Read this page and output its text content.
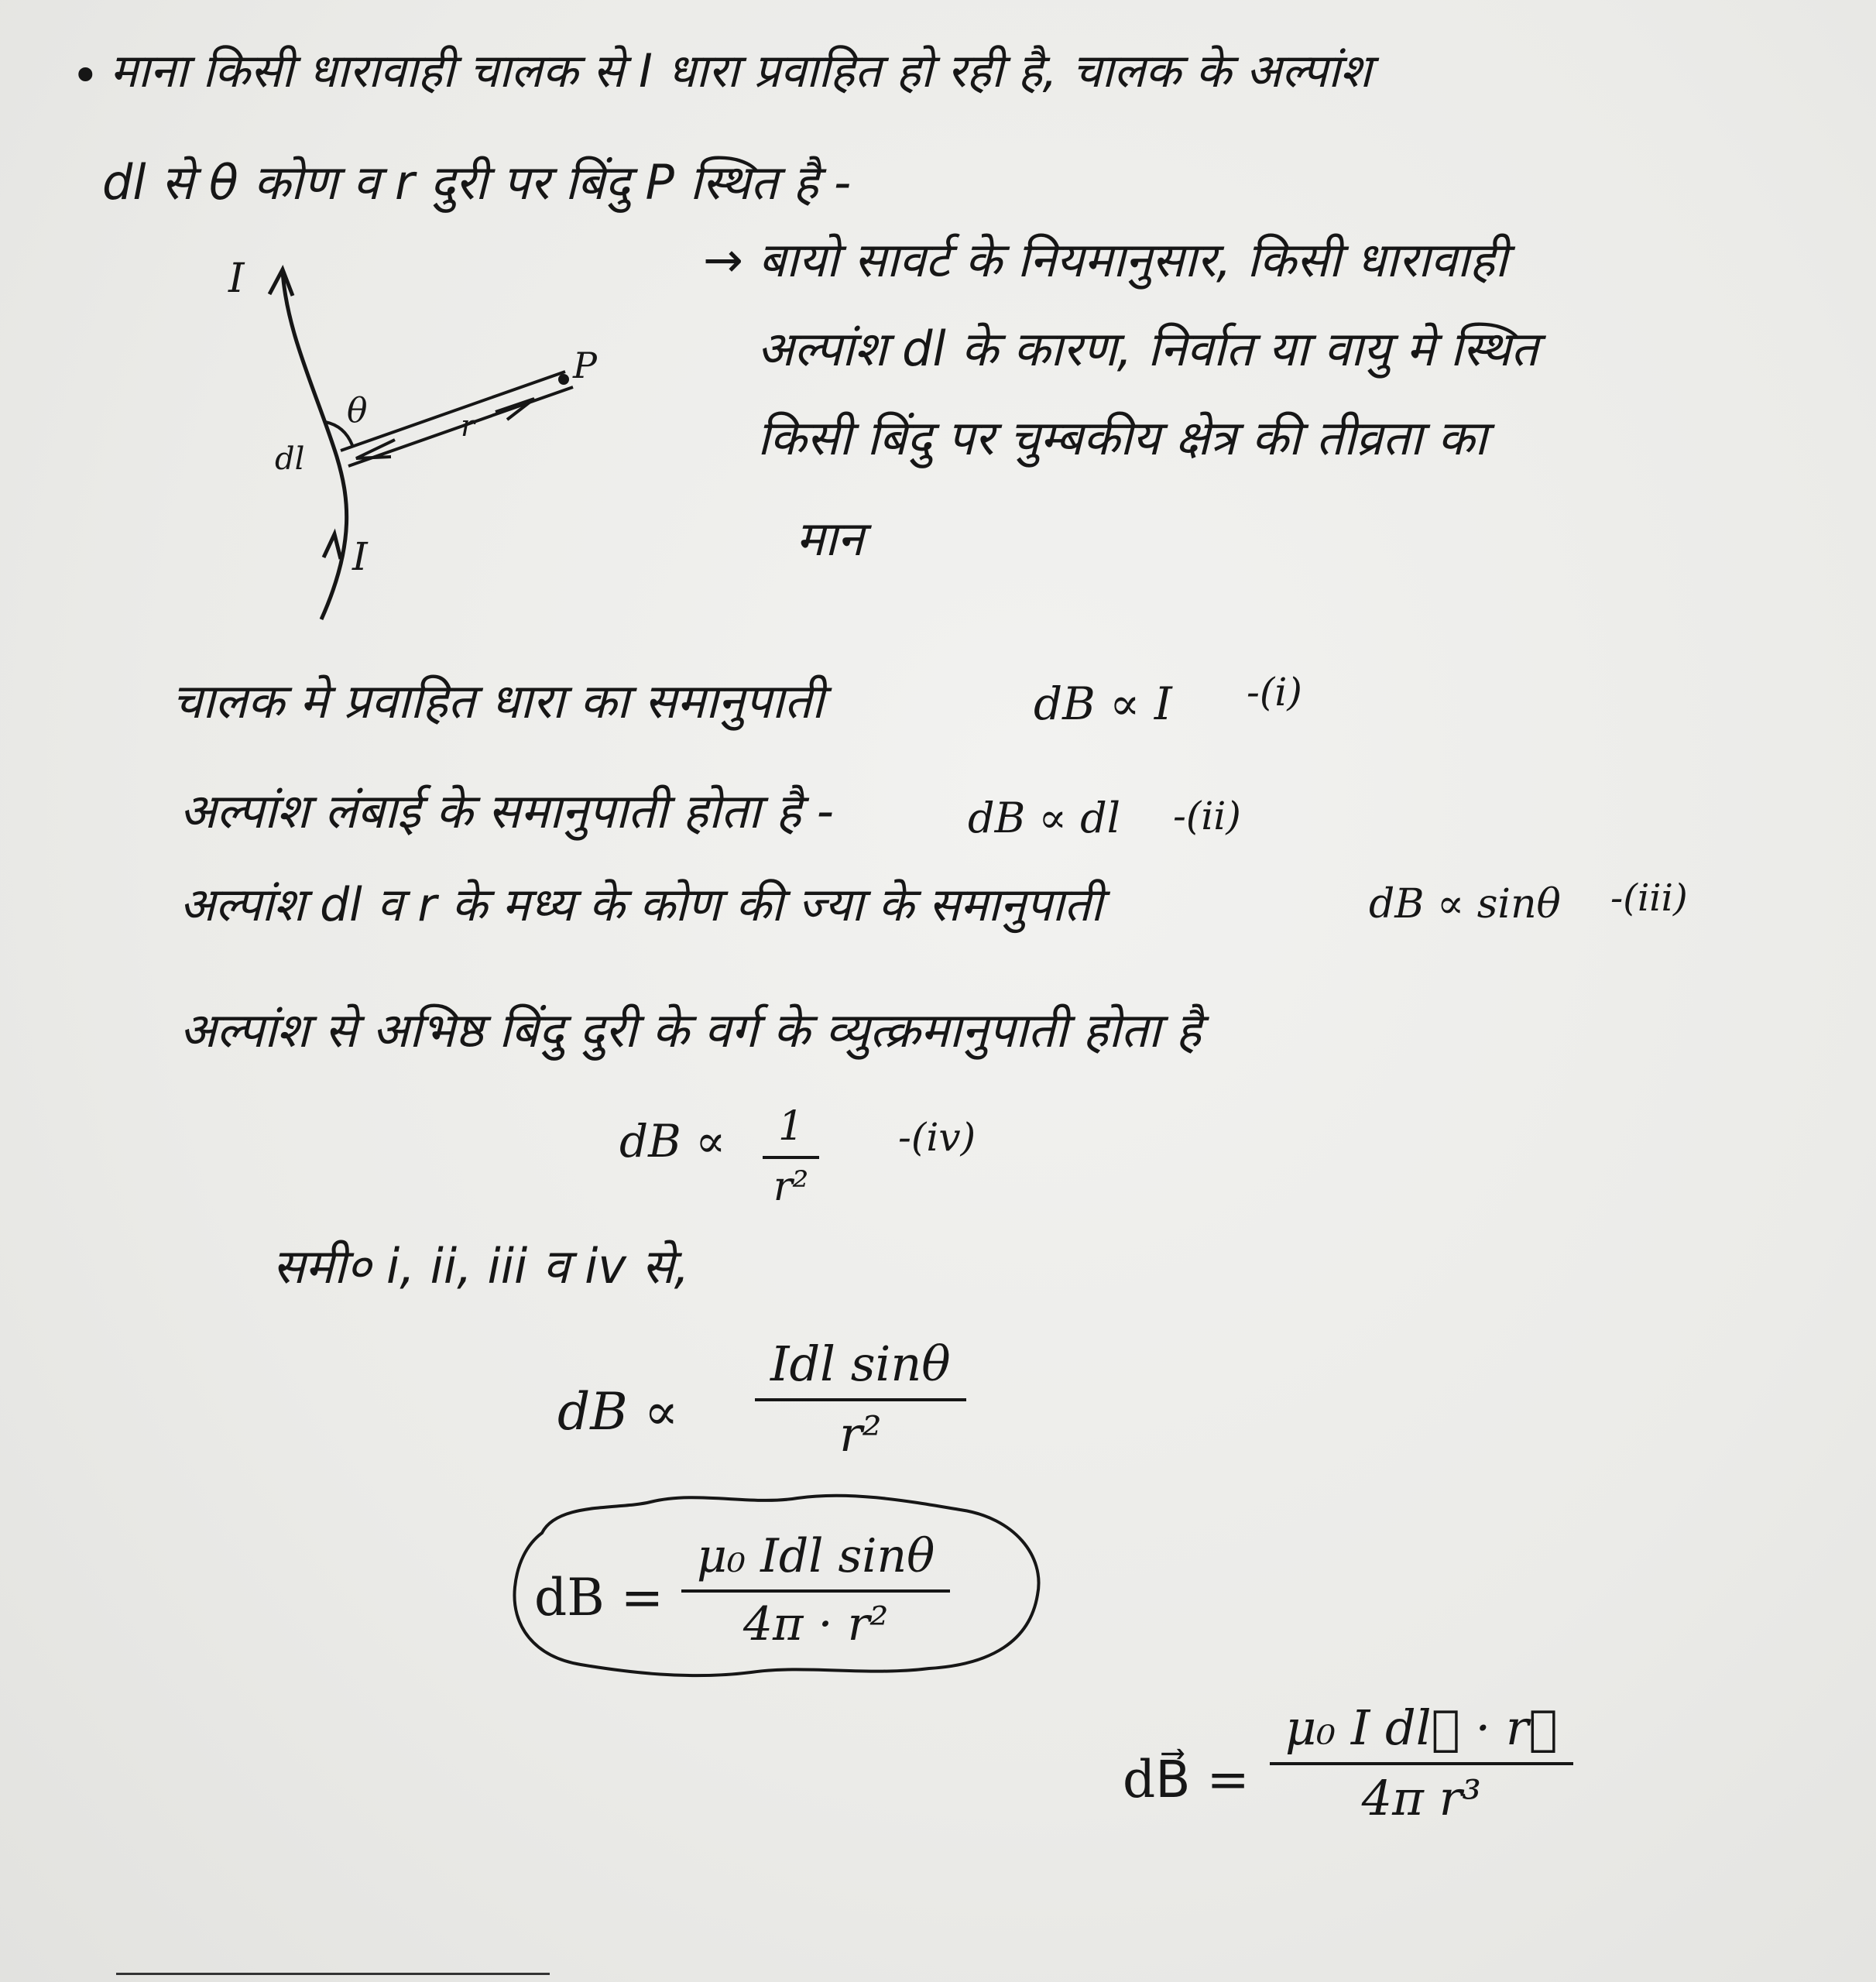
• माना किसी धारावाही चालक से I धारा प्रवाहित हो रही है, चालक के अल्पांश
dl से θ कोण व r दुरी पर बिंदु P स्थित है -
I
I
P
θ
dl
r
→ बायो सावर्ट के नियमानुसार, किसी धारावाही
अल्पांश dl के कारण, निर्वात या वायु मे स्थित
किसी बिंदु पर चुम्बकीय क्षेत्र की तीव्रता का
मान
चालक मे प्रवाहित धारा का समानुपाती	dB ∝ I -(i)
अल्पांश लंबाई के समानुपाती होता है -	dB ∝ dl -(ii)
अल्पांश dl व r के मध्य के कोण की ज्या के समानुपाती	dB ∝ sinθ -(iii)
अल्पांश से अभिष्ठ बिंदु दुरी के वर्ग के व्युत्क्रमानुपाती होता है
dB ∝	1
r²
-(iv)
समी० i, ii, iii व iv से,
dB ∝
Idl sinθ
r²
dB =
μ₀ Idl sinθ
4π · r²
dB⃗ =
μ₀ I dl⃗ · r⃗
4π r³
